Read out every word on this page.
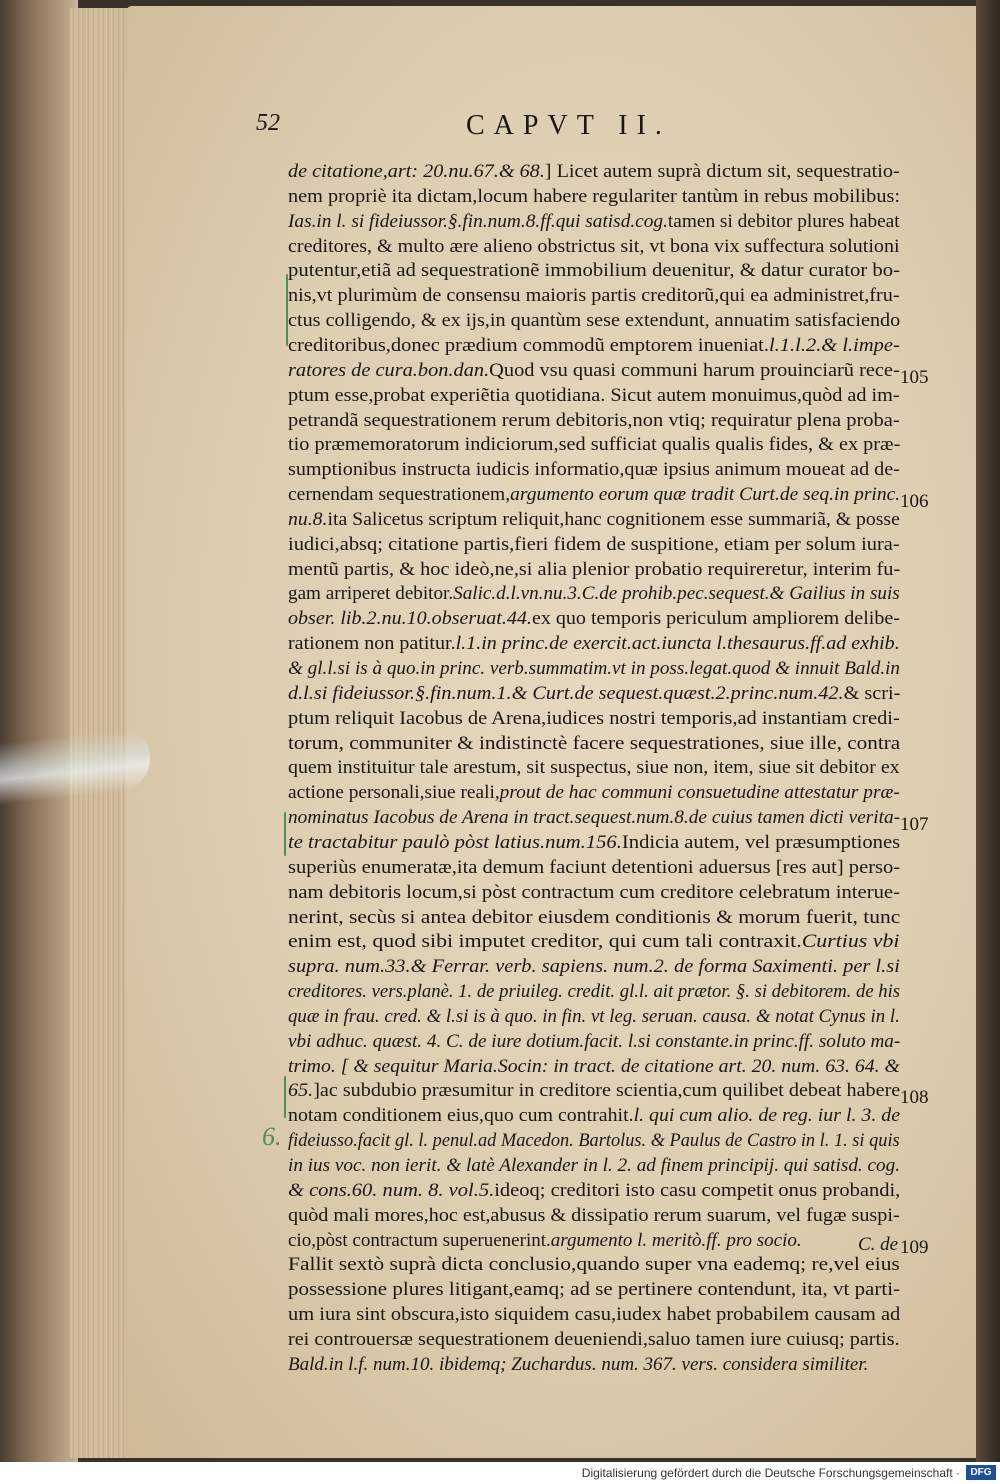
52	CAPVT II.
de citatione,art: 20.nu.67.& 68.] Licet autem suprà dictum sit, sequestratio-
nem propriè ita dictam,locum habere regulariter tantùm in rebus mobilibus:
Ias.in l. si fideiussor.§.fin.num.8.ff.qui satisd.cog.tamen si debitor plures habeat
creditores, & multo ære alieno obstrictus sit, vt bona vix suffectura solutioni
putentur,etiã ad sequestrationẽ immobilium deuenitur, & datur curator bo-
nis,vt plurimùm de consensu maioris partis creditorũ,qui ea administret,fru-
ctus colligendo, & ex ijs,in quantùm sese extendunt, annuatim satisfaciendo
creditoribus,donec prædium commodũ emptorem inueniat.l.1.l.2.& l.impe-
ratores de cura.bon.dan.Quod vsu quasi communi harum prouinciarũ rece-
ptum esse,probat experiẽtia quotidiana. Sicut autem monuimus,quòd ad im-
petrandã sequestrationem rerum debitoris,non vtiq; requiratur plena proba-
tio præmemoratorum indiciorum,sed sufficiat qualis qualis fides, & ex præ-
sumptionibus instructa iudicis informatio,quæ ipsius animum moueat ad de-
cernendam sequestrationem,argumento eorum quæ tradit Curt.de seq.in princ.
nu.8.ita Salicetus scriptum reliquit,hanc cognitionem esse summariã, & posse
iudici,absq; citatione partis,fieri fidem de suspitione, etiam per solum iura-
mentũ partis, & hoc ideò,ne,si alia plenior probatio requireretur, interim fu-
gam arriperet debitor.Salic.d.l.vn.nu.3.C.de prohib.pec.sequest.& Gailius in suis
obser. lib.2.nu.10.obseruat.44.ex quo temporis periculum ampliorem delibe-
rationem non patitur.l.1.in princ.de exercit.act.iuncta l.thesaurus.ff.ad exhib.
& gl.l.si is à quo.in princ. verb.summatim.vt in poss.legat.quod & innuit Bald.in
d.l.si fideiussor.§.fin.num.1.& Curt.de sequest.quæst.2.princ.num.42.& scri-
ptum reliquit Iacobus de Arena,iudices nostri temporis,ad instantiam credi-
torum, communiter & indistinctè facere sequestrationes, siue ille, contra
quem instituitur tale arestum, sit suspectus, siue non, item, siue sit debitor ex
actione personali,siue reali,prout de hac communi consuetudine attestatur præ-
nominatus Iacobus de Arena in tract.sequest.num.8.de cuius tamen dicti verita-
te tractabitur paulò pòst latius.num.156.Indicia autem, vel præsumptiones
superiùs enumeratæ,ita demum faciunt detentioni aduersus [res aut] perso-
nam debitoris locum,si pòst contractum cum creditore celebratum interue-
nerint, secùs si antea debitor eiusdem conditionis & morum fuerit, tunc
enim est, quod sibi imputet creditor, qui cum tali contraxit.Curtius vbi
supra. num.33.& Ferrar. verb. sapiens. num.2. de forma Saximenti. per l.si
creditores. vers.planè. 1. de priuileg. credit. gl.l. ait prætor. §. si debitorem. de his
quæ in frau. cred. & l.si is à quo. in fin. vt leg. seruan. causa. & notat Cynus in l.
vbi adhuc. quæst. 4. C. de iure dotium.facit. l.si constante.in princ.ff. soluto ma-
trimo. [ & sequitur Maria.Socin: in tract. de citatione art. 20. num. 63. 64. &
65.]ac subdubio præsumitur in creditore scientia,cum quilibet debeat habere
notam conditionem eius,quo cum contrahit.l. qui cum alio. de reg. iur l. 3. de
fideiusso.facit gl. l. penul.ad Macedon. Bartolus. & Paulus de Castro in l. 1. si quis
in ius voc. non ierit. & latè Alexander in l. 2. ad finem principij. qui satisd. cog.
& cons.60. num. 8. vol.5.ideoq; creditori isto casu competit onus probandi,
quòd mali mores,hoc est,abusus & dissipatio rerum suarum, vel fugæ suspi-
cio,pòst contractum superuenerint.argumento l. meritò.ff. pro socio.
Fallit sextò suprà dicta conclusio,quando super vna eademq; re,vel eius
possessione plures litigant,eamq; ad se pertinere contendunt, ita, vt parti-
um iura sint obscura,isto siquidem casu,iudex habet probabilem causam ad
rei controuersæ sequestrationem deueniendi,saluo tamen iure cuiusq; partis.
Bald.in l.f. num.10. ibidemq; Zuchardus. num. 367. vers. considera similiter.
105
106
107
108
109
6.
C. de
Digitalisierung gefördert durch die Deutsche Forschungsgemeinschaft ·	DFG
